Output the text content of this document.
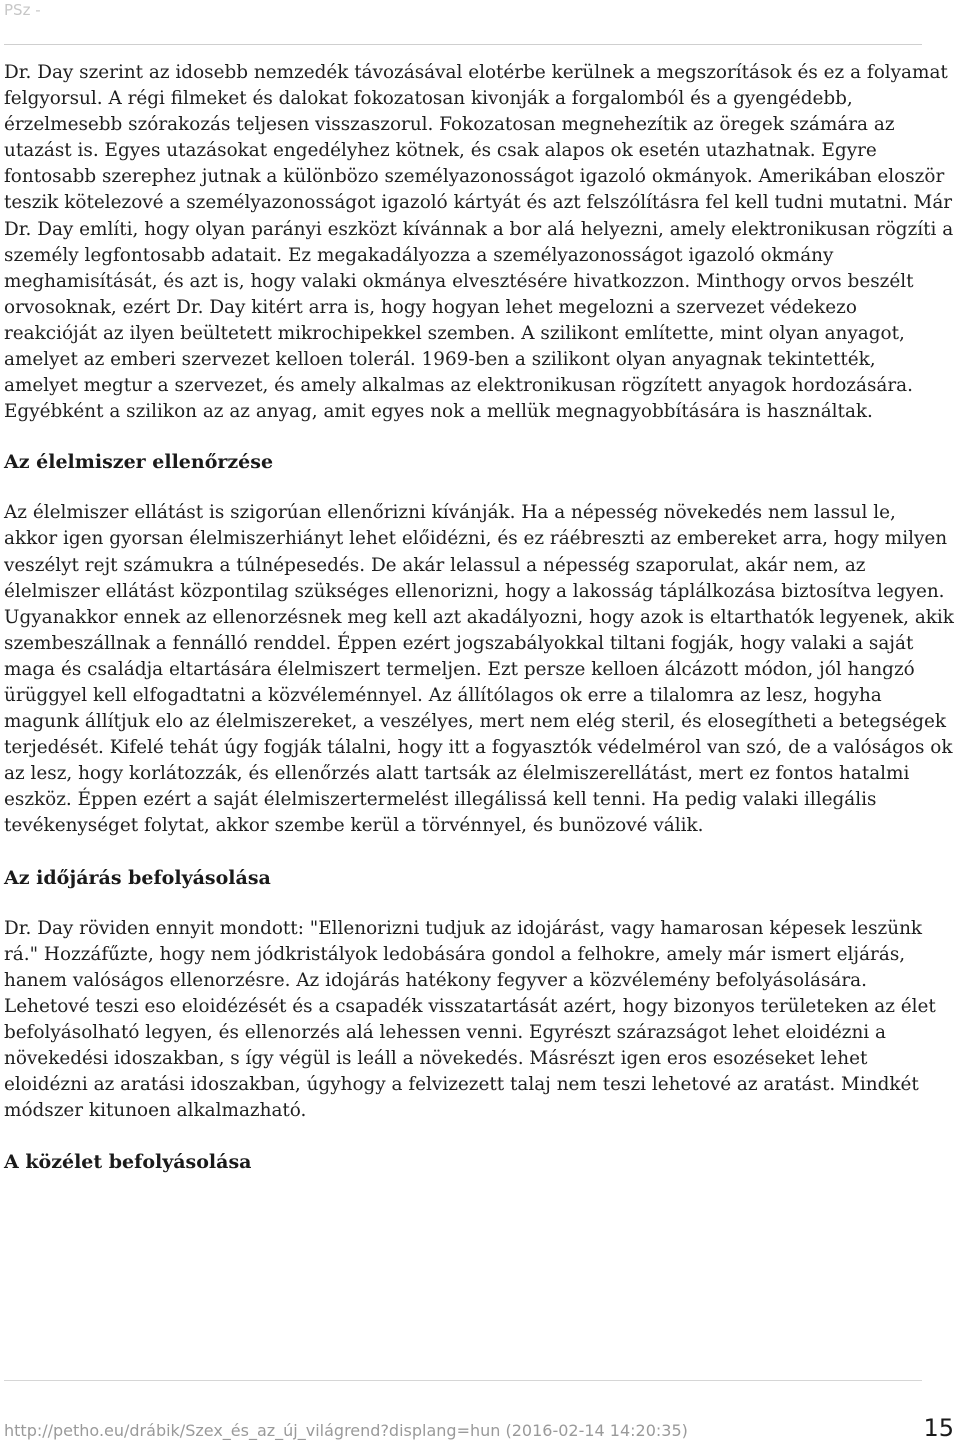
PSz -

Dr. Day szerint az idosebb nemzedék távozásával elotérbe kerülnek a megszorítások és ez a folyamat felgyorsul. A régi filmeket és dalokat fokozatosan kivonják a forgalomból és a gyengédebb, érzelmesebb szórakozás teljesen visszaszorul. Fokozatosan megnehezítik az öregek számára az utazást is. Egyes utazásokat engedélyhez kötnek, és csak alapos ok esetén utazhatnak. Egyre fontosabb szerephez jutnak a különbözo személyazonosságot igazoló okmányok. Amerikában eloször teszik kötelezové a személyazonosságot igazoló kártyát és azt felszólításra fel kell tudni mutatni. Már Dr. Day említi, hogy olyan parányi eszközt kívánnak a bor alá helyezni, amely elektronikusan rögzíti a személy legfontosabb adatait. Ez megakadályozza a személyazonosságot igazoló okmány meghamisítását, és azt is, hogy valaki okmánya elvesztésére hivatkozzon. Minthogy orvos beszélt orvosoknak, ezért Dr. Day kitért arra is, hogy hogyan lehet megelozni a szervezet védekezo reakcióját az ilyen beültetett mikrochipekkel szemben. A szilikont említette, mint olyan anyagot, amelyet az emberi szervezet kelloen tolerál. 1969-ben a szilikont olyan anyagnak tekintették, amelyet megtur a szervezet, és amely alkalmas az elektronikusan rögzített anyagok hordozására. Egyébként a szilikon az az anyag, amit egyes nok a mellük megnagyobbítására is használtak.

Az élelmiszer ellenőrzése

Az élelmiszer ellátást is szigorúan ellenőrizni kívánják. Ha a népesség növekedés nem lassul le, akkor igen gyorsan élelmiszerhiányt lehet előidézni, és ez ráébreszti az embereket arra, hogy milyen veszélyt rejt számukra a túlnépesedés. De akár lelassul a népesség szaporulat, akár nem, az élelmiszer ellátást központilag szükséges ellenorizni, hogy a lakosság táplálkozása biztosítva legyen. Ugyanakkor ennek az ellenorzésnek meg kell azt akadályozni, hogy azok is eltarthatók legyenek, akik szembeszállnak a fennálló renddel. Éppen ezért jogszabályokkal tiltani fogják, hogy valaki a saját maga és családja eltartására élelmiszert termeljen. Ezt persze kelloen álcázott módon, jól hangzó ürüggyel kell elfogadtatni a közvéleménnyel. Az állítólagos ok erre a tilalomra az lesz, hogyha magunk állítjuk elo az élelmiszereket, a veszélyes, mert nem elég steril, és elosegítheti a betegségek terjedését. Kifelé tehát úgy fogják tálalni, hogy itt a fogyasztók védelmérol van szó, de a valóságos ok az lesz, hogy korlátozzák, és ellenőrzés alatt tartsák az élelmiszerellátást, mert ez fontos hatalmi eszköz. Éppen ezért a saját élelmiszertermelést illegálissá kell tenni. Ha pedig valaki illegális tevékenységet folytat, akkor szembe kerül a törvénnyel, és bunözové válik.

Az időjárás befolyásolása

Dr. Day röviden ennyit mondott: "Ellenorizni tudjuk az idojárást, vagy hamarosan képesek leszünk rá." Hozzáfűzte, hogy nem jódkristályok ledobására gondol a felhokre, amely már ismert eljárás, hanem valóságos ellenorzésre. Az idojárás hatékony fegyver a közvélemény befolyásolására. Lehetové teszi eso eloidézését és a csapadék visszatartását azért, hogy bizonyos területeken az élet befolyásolható legyen, és ellenorzés alá lehessen venni. Egyrészt szárazságot lehet eloidézni a növekedési idoszakban, s így végül is leáll a növekedés. Másrészt igen eros esozéseket lehet eloidézni az aratási idoszakban, úgyhogy a felvizezett talaj nem teszi lehetové az aratást. Mindkét módszer kitunoen alkalmazható.

A közélet befolyásolása
http://petho.eu/drábik/Szex_és_az_új_világrend?displang=hun (2016-02-14 14:20:35)	15
